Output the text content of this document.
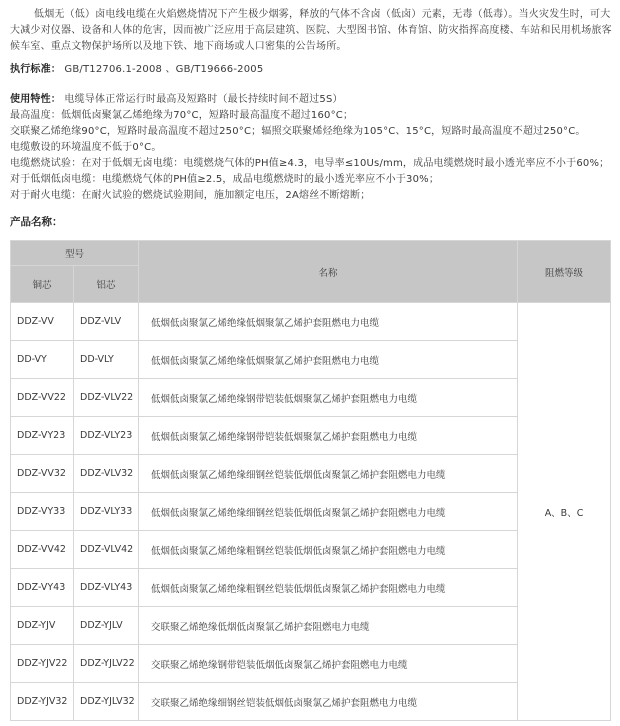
低烟无（低）卤电线电缆在火焰燃烧情况下产生极少烟雾，释放的气体不含卤（低卤）元素，无毒（低毒）。当火灾发生时，可大大减少对仪器、设备和人体的危害，因而被广泛应用于高层建筑、医院、大型图书馆、体育馆、防灾指挥高度楼、车站和民用机场旅客候车室、重点文物保护场所以及地下铁、地下商场或人口密集的公告场所。
执行标准： GB/T12706.1-2008 、GB/T19666-2005
使用特性： 电缆导体正常运行时最高及短路时（最长持续时间不超过5S）
最高温度：低烟低卤聚氯乙烯绝缘为70°C，短路时最高温度不超过160°C；
交联聚乙烯绝缘90°C，短路时最高温度不超过250°C；辐照交联聚烯烃绝缘为105°C、15°C，短路时最高温度不超过250°C。
电缆敷设的环境温度不低于0°C。
电缆燃烧试验：在对于低烟无卤电缆：电缆燃烧气体的PH值≥4.3，电导率≤10Us/mm，成品电缆燃烧时最小透光率应不小于60%；
对于低烟低卤电缆：电缆燃烧气体的PH值≥2.5，成品电缆燃烧时的最小透光率应不小于30%；
对于耐火电缆：在耐火试验的燃烧试验期间，施加额定电压，2A熔丝不断熔断；
产品名称：
型号		名称	阻燃等级
铜芯	铝芯		
DDZ-VV	DDZ-VLV	低烟低卤聚氯乙烯绝缘低烟聚氯乙烯护套阻燃电力电缆	A、B、C
DD-VY	DD-VLY	低烟低卤聚氯乙烯绝缘低烟聚氯乙烯护套阻燃电力电缆	
DDZ-VV22	DDZ-VLV22	低烟低卤聚氯乙烯绝缘钢带铠装低烟聚氯乙烯护套阻燃电力电缆	
DDZ-VY23	DDZ-VLY23	低烟低卤聚氯乙烯绝缘钢带铠装低烟聚氯乙烯护套阻燃电力电缆	
DDZ-VV32	DDZ-VLV32	低烟低卤聚氯乙烯绝缘细钢丝铠装低烟低卤聚氯乙烯护套阻燃电力电缆	
DDZ-VY33	DDZ-VLY33	低烟低卤聚氯乙烯绝缘细钢丝铠装低烟低卤聚氯乙烯护套阻燃电力电缆	
DDZ-VV42	DDZ-VLV42	低烟低卤聚氯乙烯绝缘粗钢丝铠装低烟低卤聚氯乙烯护套阻燃电力电缆	
DDZ-VY43	DDZ-VLY43	低烟低卤聚氯乙烯绝缘粗钢丝铠装低烟低卤聚氯乙烯护套阻燃电力电缆	
DDZ-YJV	DDZ-YJLV	交联聚乙烯绝缘低烟低卤聚氯乙烯护套阻燃电力电缆	
DDZ-YJV22	DDZ-YJLV22	交联聚乙烯绝缘钢带铠装低烟低卤聚氯乙烯护套阻燃电力电缆	
DDZ-YJV32	DDZ-YJLV32	交联聚乙烯绝缘细钢丝铠装低烟低卤聚氯乙烯护套阻燃电力电缆	
